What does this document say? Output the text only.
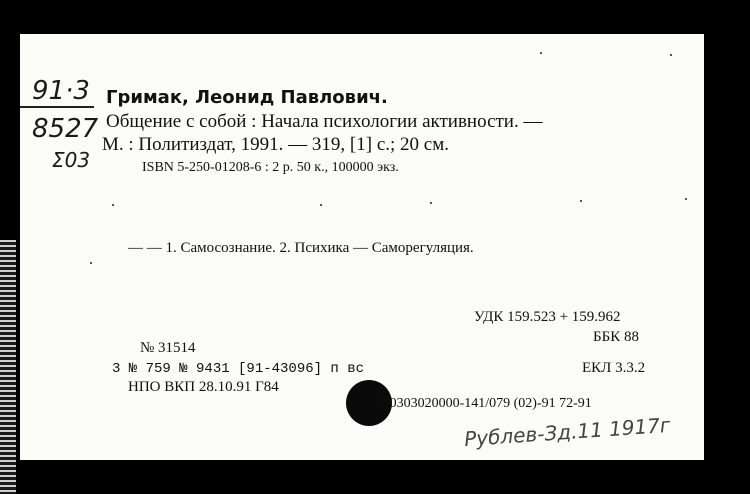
91·3
8527
Σ03
Гримак, Леонид Павлович.
Общение с собой : Начала психологии активности. —
М. : Политиздат, 1991. — 319, [1] с.; 20 см.
ISBN 5-250-01208-6 : 2 р. 50 к., 100000 экз.
— — 1. Самосознание. 2. Психика — Саморегуляция.
УДК 159.523 + 159.962
ББК 88
ЕКЛ 3.3.2
№ 31514
3 № 759 № 9431 [91-43096] п вс
НПО ВКП 28.10.91 Г84
Г 0303020000-141/079 (02)-91 72-91
Рублев-Зд.11 1917г
